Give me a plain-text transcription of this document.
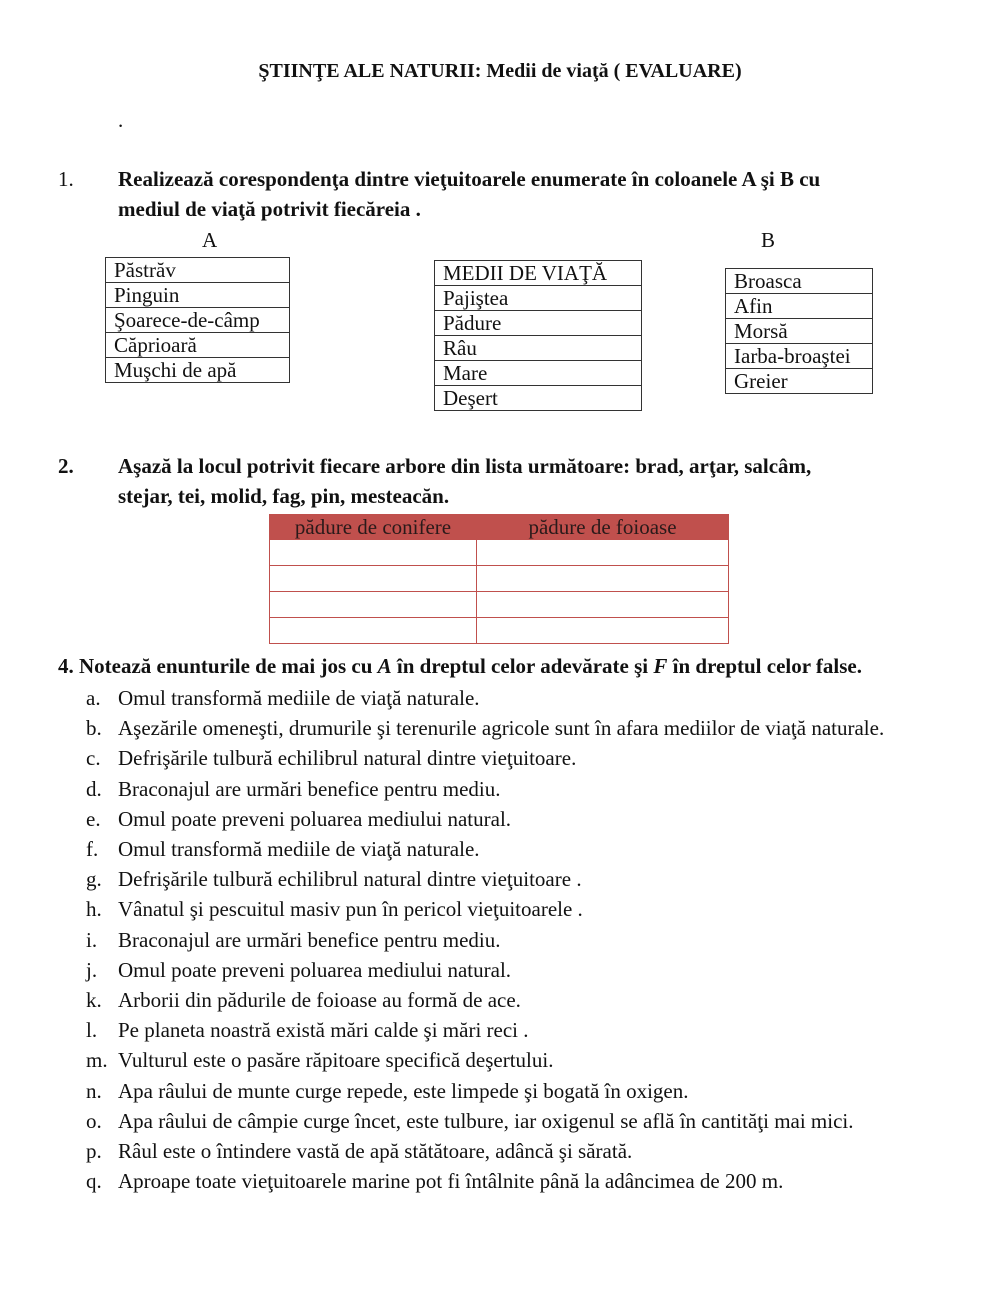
ŞTIINŢE ALE NATURII: Medii de viaţă ( EVALUARE)
.
1. Realizează corespondenţa dintre vieţuitoarele enumerate în coloanele A şi B cu
mediul de viaţă potrivit fiecăreia .
A	B
Păstrăv
Pinguin
Şoarece-de-câmp
Căprioară
Muşchi de apă
MEDII DE VIAŢĂ
Pajiştea
Pădure
Râu
Mare
Deşert
Broasca
Afin
Morsă
Iarba-broaştei
Greier
2. Aşază la locul potrivit fiecare arbore din lista următoare: brad, arţar, salcâm,
stejar, tei, molid, fag, pin, mesteacăn.
pădure de conifere	pădure de foioase

4. Notează enunturile de mai jos cu A în dreptul celor adevărate şi F în dreptul celor false.
a. Omul transformă mediile de viaţă naturale.
b. Aşezările omeneşti, drumurile şi terenurile agricole sunt în afara mediilor de viaţă naturale.
c. Defrişările tulbură echilibrul natural dintre vieţuitoare.
d. Braconajul are urmări benefice pentru mediu.
e. Omul poate preveni poluarea mediului natural.
f. Omul transformă mediile de viaţă naturale.
g. Defrişările tulbură echilibrul natural dintre vieţuitoare .
h. Vânatul şi pescuitul masiv pun în pericol vieţuitoarele .
i. Braconajul are urmări benefice pentru mediu.
j. Omul poate preveni poluarea mediului natural.
k. Arborii din pădurile de foioase au formă de ace.
l. Pe planeta noastră există mări calde şi mări reci .
m. Vulturul este o pasăre răpitoare specifică deşertului.
n. Apa râului de munte curge repede, este limpede şi bogată în oxigen.
o. Apa râului de câmpie curge încet, este tulbure, iar oxigenul se află în cantităţi mai mici.
p. Râul este o întindere vastă de apă stătătoare, adâncă şi sărată.
q. Aproape toate vieţuitoarele marine pot fi întâlnite până la adâncimea de 200 m.
